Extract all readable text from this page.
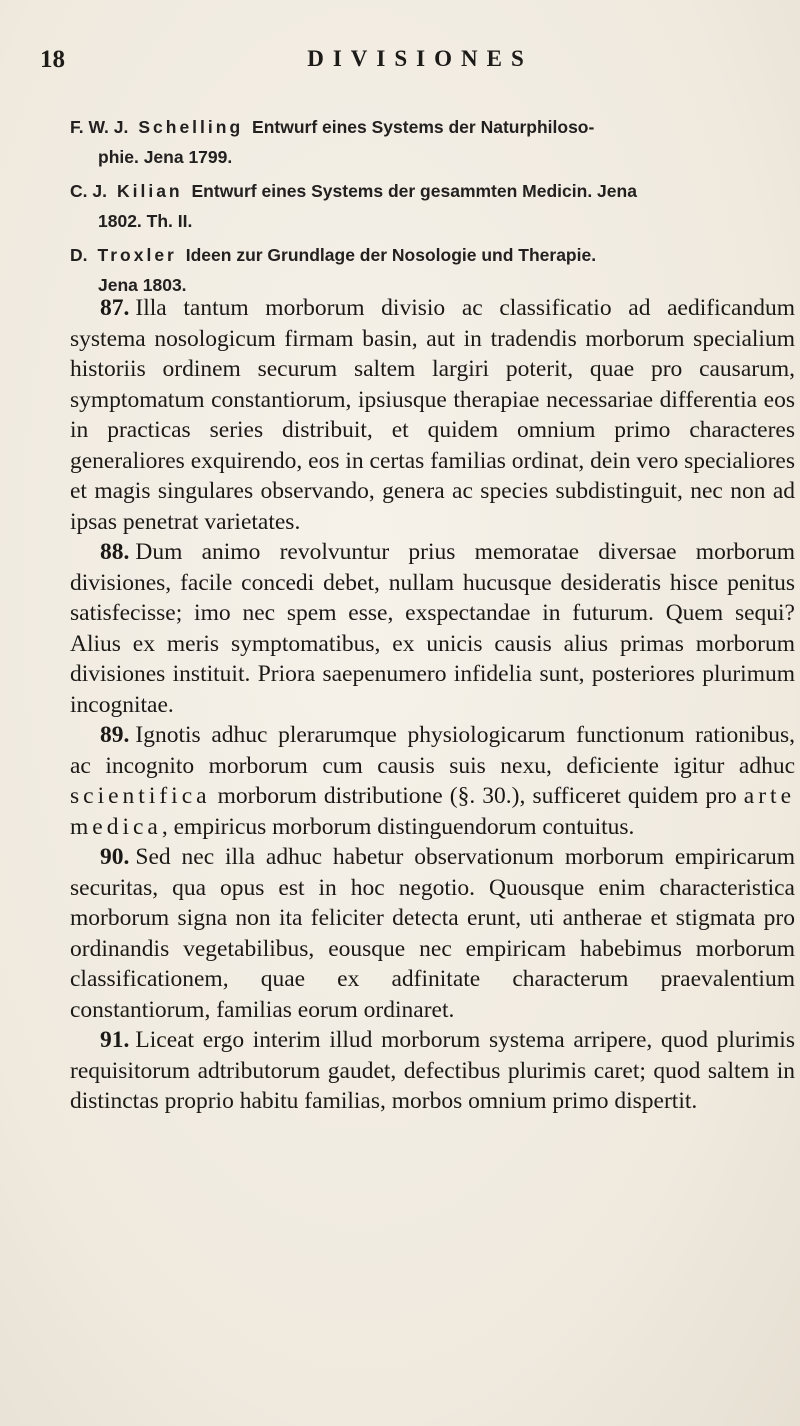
18	DIVISIONES
F. W. J. Schelling Entwurf eines Systems der Naturphiloso-
phie. Jena 1799.
C. J. Kilian Entwurf eines Systems der gesammten Medicin. Jena
1802. Th. II.
D. Troxler Ideen zur Grundlage der Nosologie und Therapie.
Jena 1803.

87. Illa tantum morborum divisio ac classificatio ad aedificandum systema nosologicum firmam basin, aut in tradendis morborum specialium historiis ordinem securum saltem largiri poterit, quae pro causarum, symptomatum constantiorum, ipsiusque therapiae necessariae differentia eos in practicas series distribuit, et quidem omnium primo characteres generaliores exquirendo, eos in certas familias ordinat, dein vero specialiores et magis singulares observando, genera ac species subdistinguit, nec non ad ipsas penetrat varietates.

88. Dum animo revolvuntur prius memoratae diversae morborum divisiones, facile concedi debet, nullam hucusque desideratis hisce penitus satisfecisse; imo nec spem esse, exspectandae in futurum. Quem sequi? Alius ex meris symptomatibus, ex unicis causis alius primas morborum divisiones instituit. Priora saepenumero infidelia sunt, posteriores plurimum incognitae.

89. Ignotis adhuc plerarumque physiologicarum functionum rationibus, ac incognito morborum cum causis suis nexu, deficiente igitur adhuc scientifica morborum distributione (§. 30.), sufficeret quidem pro arte medica, empiricus morborum distinguendorum contuitus.

90. Sed nec illa adhuc habetur observationum morborum empiricarum securitas, qua opus est in hoc negotio. Quousque enim characteristica morborum signa non ita feliciter detecta erunt, uti antherae et stigmata pro ordinandis vegetabilibus, eousque nec empiricam habebimus morborum classificationem, quae ex adfinitate characterum praevalentium constantiorum, familias eorum ordinaret.

91. Liceat ergo interim illud morborum systema arripere, quod plurimis requisitorum adtributorum gaudet, defectibus plurimis caret; quod saltem in distinctas proprio habitu familias, morbos omnium primo dispertit.
